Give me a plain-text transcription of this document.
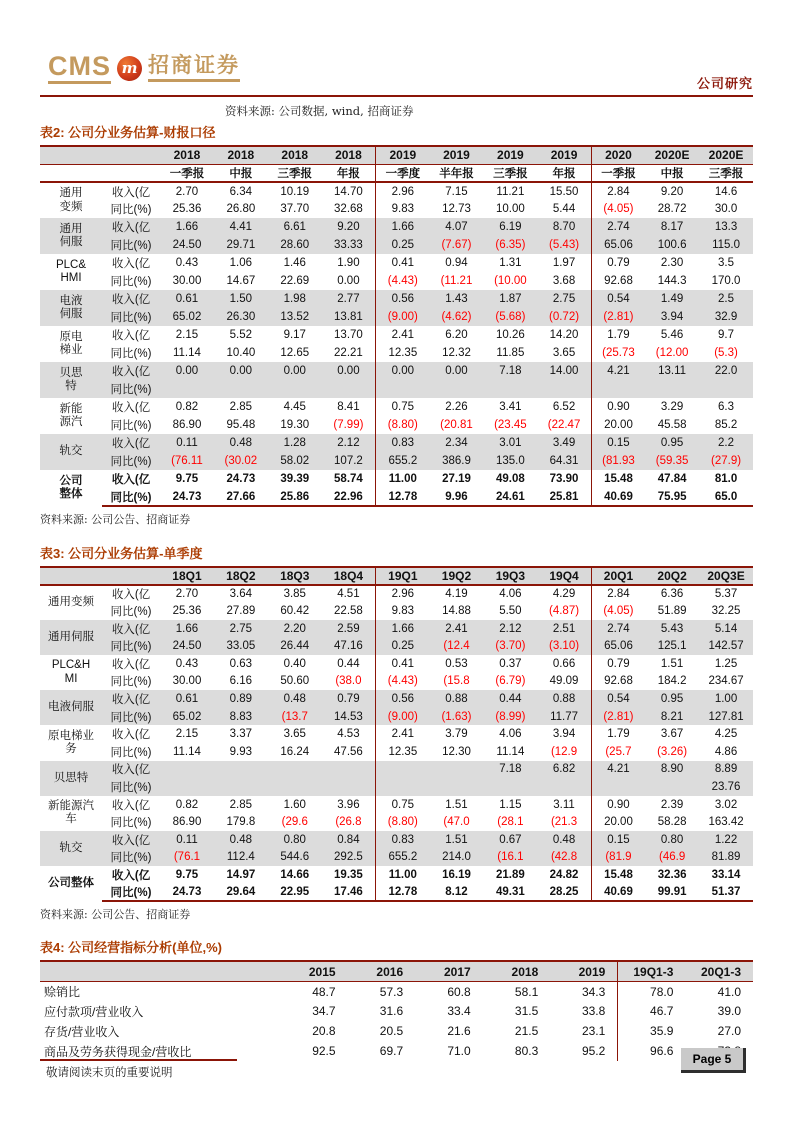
CMS m 招商证券
公司研究
资料来源: 公司数据, wind, 招商证券
表2: 公司分业务估算-财报口径
		2018	2018	2018	2018	2019	2019	2019	2019	2020	2020E	2020E
		一季报	中报	三季报	年报	一季度	半年报	三季报	年报	一季报	中报	三季报
通用变频	收入(亿	2.70	6.34	10.19	14.70	2.96	7.15	11.21	15.50	2.84	9.20	14.6
	同比(%)	25.36	26.80	37.70	32.68	9.83	12.73	10.00	5.44	(4.05)	28.72	30.0
通用伺服	收入(亿	1.66	4.41	6.61	9.20	1.66	4.07	6.19	8.70	2.74	8.17	13.3
	同比(%)	24.50	29.71	28.60	33.33	0.25	(7.67)	(6.35)	(5.43)	65.06	100.6	115.0
PLC&HMI	收入(亿	0.43	1.06	1.46	1.90	0.41	0.94	1.31	1.97	0.79	2.30	3.5
	同比(%)	30.00	14.67	22.69	0.00	(4.43)	(11.21	(10.00	3.68	92.68	144.3	170.0
电液伺服	收入(亿	0.61	1.50	1.98	2.77	0.56	1.43	1.87	2.75	0.54	1.49	2.5
	同比(%)	65.02	26.30	13.52	13.81	(9.00)	(4.62)	(5.68)	(0.72)	(2.81)	3.94	32.9
原电梯业	收入(亿	2.15	5.52	9.17	13.70	2.41	6.20	10.26	14.20	1.79	5.46	9.7
	同比(%)	11.14	10.40	12.65	22.21	12.35	12.32	11.85	3.65	(25.73	(12.00	(5.3)
贝思特	收入(亿	0.00	0.00	0.00	0.00	0.00	0.00	7.18	14.00	4.21	13.11	22.0
	同比(%)											
新能源汽	收入(亿	0.82	2.85	4.45	8.41	0.75	2.26	3.41	6.52	0.90	3.29	6.3
	同比(%)	86.90	95.48	19.30	(7.99)	(8.80)	(20.81	(23.45	(22.47	20.00	45.58	85.2
轨交	收入(亿	0.11	0.48	1.28	2.12	0.83	2.34	3.01	3.49	0.15	0.95	2.2
	同比(%)	(76.11	(30.02	58.02	107.2	655.2	386.9	135.0	64.31	(81.93	(59.35	(27.9)
公司整体	收入(亿	9.75	24.73	39.39	58.74	11.00	27.19	49.08	73.90	15.48	47.84	81.0
	同比(%)	24.73	27.66	25.86	22.96	12.78	9.96	24.61	25.81	40.69	75.95	65.0
资料来源: 公司公告、招商证券
表3: 公司分业务估算-单季度
		18Q1	18Q2	18Q3	18Q4	19Q1	19Q2	19Q3	19Q4	20Q1	20Q2	20Q3E
通用变频	收入(亿	2.70	3.64	3.85	4.51	2.96	4.19	4.06	4.29	2.84	6.36	5.37
	同比(%)	25.36	27.89	60.42	22.58	9.83	14.88	5.50	(4.87)	(4.05)	51.89	32.25
通用伺服	收入(亿	1.66	2.75	2.20	2.59	1.66	2.41	2.12	2.51	2.74	5.43	5.14
	同比(%)	24.50	33.05	26.44	47.16	0.25	(12.4	(3.70)	(3.10)	65.06	125.1	142.57
PLC&HMI	收入(亿	0.43	0.63	0.40	0.44	0.41	0.53	0.37	0.66	0.79	1.51	1.25
	同比(%)	30.00	6.16	50.60	(38.0	(4.43)	(15.8	(6.79)	49.09	92.68	184.2	234.67
电液伺服	收入(亿	0.61	0.89	0.48	0.79	0.56	0.88	0.44	0.88	0.54	0.95	1.00
	同比(%)	65.02	8.83	(13.7	14.53	(9.00)	(1.63)	(8.99)	11.77	(2.81)	8.21	127.81
原电梯业务	收入(亿	2.15	3.37	3.65	4.53	2.41	3.79	4.06	3.94	1.79	3.67	4.25
	同比(%)	11.14	9.93	16.24	47.56	12.35	12.30	11.14	(12.9	(25.7	(3.26)	4.86
贝思特	收入(亿							7.18	6.82	4.21	8.90	8.89
	同比(%)											23.76
新能源汽车	收入(亿	0.82	2.85	1.60	3.96	0.75	1.51	1.15	3.11	0.90	2.39	3.02
	同比(%)	86.90	179.8	(29.6	(26.8	(8.80)	(47.0	(28.1	(21.3	20.00	58.28	163.42
轨交	收入(亿	0.11	0.48	0.80	0.84	0.83	1.51	0.67	0.48	0.15	0.80	1.22
	同比(%)	(76.1	112.4	544.6	292.5	655.2	214.0	(16.1	(42.8	(81.9	(46.9	81.89
公司整体	收入(亿	9.75	14.97	14.66	19.35	11.00	16.19	21.89	24.82	15.48	32.36	33.14
	同比(%)	24.73	29.64	22.95	17.46	12.78	8.12	49.31	28.25	40.69	99.91	51.37
资料来源: 公司公告、招商证券
表4: 公司经营指标分析(单位,%)
	2015	2016	2017	2018	2019	19Q1-3	20Q1-3
赊销比	48.7	57.3	60.8	58.1	34.3	78.0	41.0
应付款项/营业收入	34.7	31.6	33.4	31.5	33.8	46.7	39.0
存货/营业收入	20.8	20.5	21.6	21.5	23.1	35.9	27.0
商品及劳务获得现金/营收比	92.5	69.7	71.0	80.3	95.2	96.6	
敬请阅读末页的重要说明
Page 5
